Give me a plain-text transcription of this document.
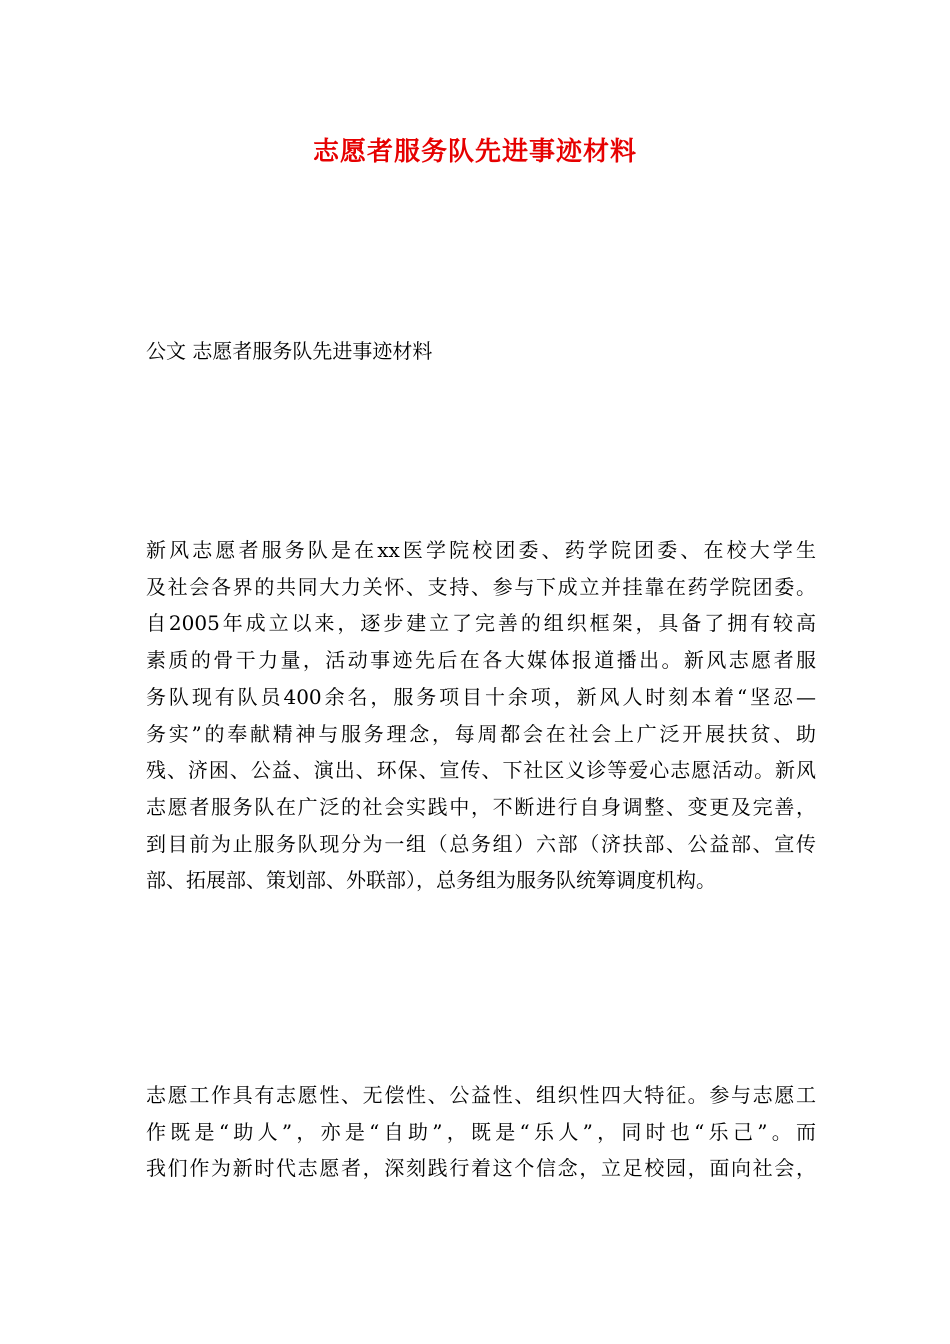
志愿者服务队先进事迹材料

公文 志愿者服务队先进事迹材料

新风志愿者服务队是在xx医学院校团委、药学院团委、在校大学生
及社会各界的共同大力关怀、支持、参与下成立并挂靠在药学院团委。
自2005年成立以来，逐步建立了完善的组织框架，具备了拥有较高
素质的骨干力量，活动事迹先后在各大媒体报道播出。新风志愿者服
务队现有队员400余名，服务项目十余项，新风人时刻本着“坚忍—
务实”的奉献精神与服务理念，每周都会在社会上广泛开展扶贫、助
残、济困、公益、演出、环保、宣传、下社区义诊等爱心志愿活动。新风
志愿者服务队在广泛的社会实践中，不断进行自身调整、变更及完善，
到目前为止服务队现分为一组（总务组）六部（济扶部、公益部、宣传
部、拓展部、策划部、外联部），总务组为服务队统筹调度机构。
志愿工作具有志愿性、无偿性、公益性、组织性四大特征。参与志愿工
作既是“助人”，亦是“自助”，既是“乐人”，同时也“乐己”。而
我们作为新时代志愿者，深刻践行着这个信念，立足校园，面向社会，
